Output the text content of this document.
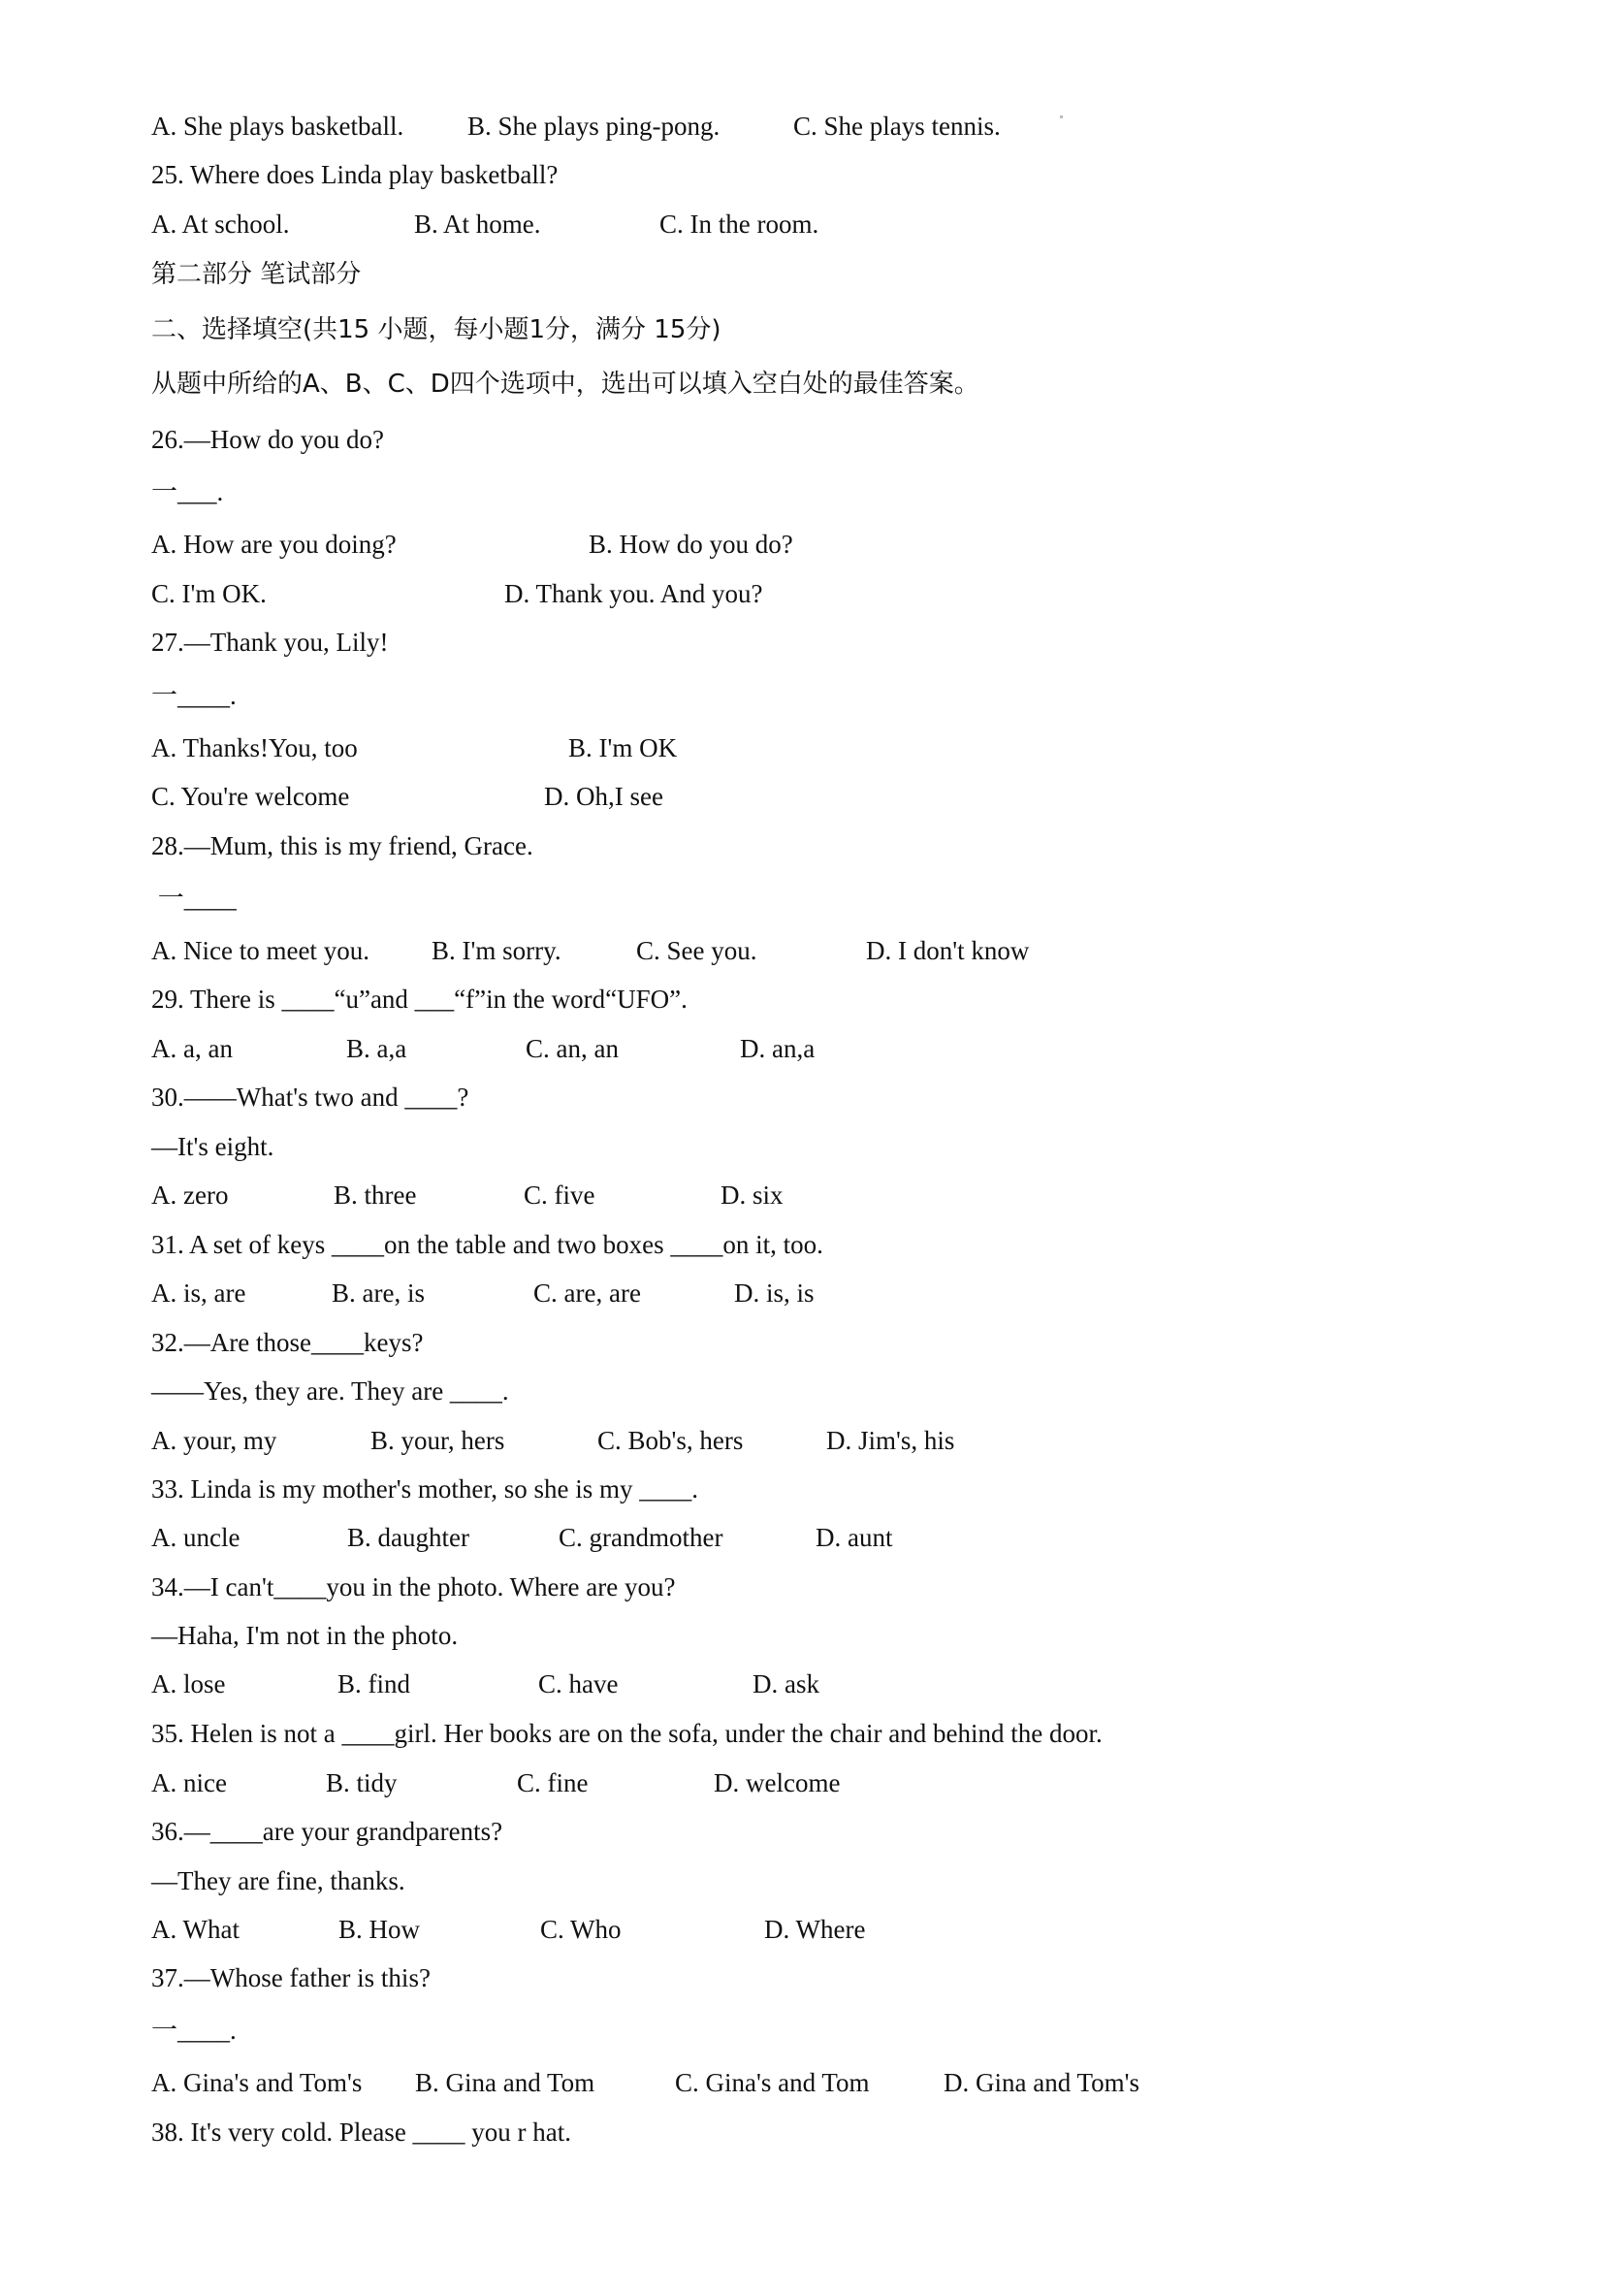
A. She plays basketball.

B. She plays ping-pong.

	C. She plays tennis.

25. Where does Linda play basketball?

A. At school.

	B. At home.

	C. In the room.

第二部分 笔试部分
二、选择填空(共15 小题，每小题1分，满分 15分)
从题中所给的A、B、C、D四个选项中，选出可以填入空白处的最佳答案。
26.—How do you do?
一___.

A. How are you doing?

	B. How do you do?

C. I'm OK.

	D. Thank you. And you?

27.—Thank you, Lily!
一____.

A. Thanks!You, too

	B. I'm OK

C. You're welcome

	D. Oh,I see

28.—Mum, this is my friend, Grace.
一____

A. Nice to meet you.

B. I'm sorry.

	C. See you.

	D. I don't know

29. There is ____“u”and ___“f”in the word“UFO”.

A. a, an

	B. a,a

	C. an, an

	D. an,a

30.——What's two and ____?
—It's eight.

A. zero

	B. three

	C. five

	D. six

31. A set of keys ____on the table and two boxes ____on it, too.

A. is, are

	B. are, is

	C. are, are

	D. is, is

32.—Are those____keys?
——Yes, they are. They are ____.

A. your, my

	B. your, hers

	C. Bob's, hers

	D. Jim's, his

33. Linda is my mother's mother, so she is my ____.

A. uncle

	B. daughter

	C. grandmother

	D. aunt

34.—I can't____you in the photo. Where are you?
—Haha, I'm not in the photo.

A. lose

	B. find

	C. have

	D. ask

35. Helen is not a ____girl. Her books are on the sofa, under the chair and behind the door.

A. nice

	B. tidy

	C. fine

	D. welcome

36.—____are your grandparents?
—They are fine, thanks.

A. What

	B. How

	C. Who

	D. Where

37.—Whose father is this?
一____.

A. Gina's and Tom's

B. Gina and Tom

	C. Gina's and Tom

	D. Gina and Tom's

38. It's very cold. Please ____ you r hat.
